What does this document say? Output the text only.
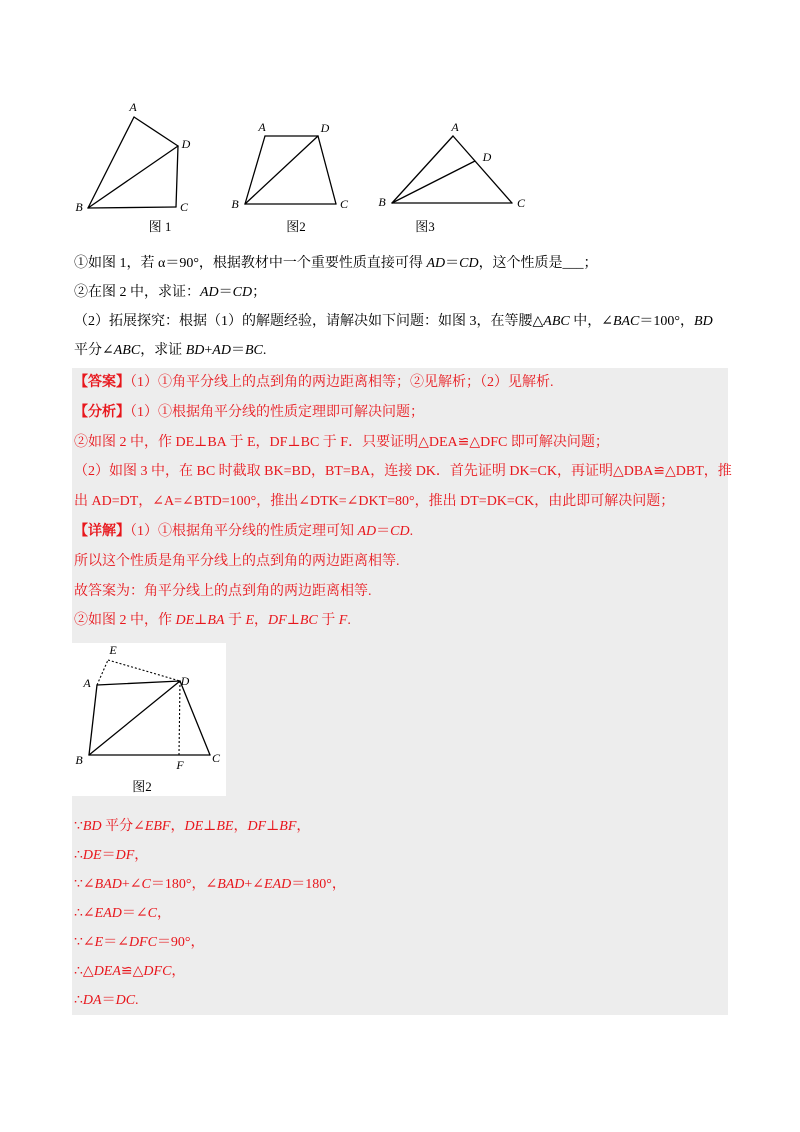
A
D
B	C
图 1
A	D
B	C
图2
A
D
B	C
图3
①如图 1，若 α＝90°，根据教材中一个重要性质直接可得 AD＝CD，这个性质是___；
②在图 2 中，求证：AD＝CD；
（2）拓展探究：根据（1）的解题经验，请解决如下问题：如图 3，在等腰△ABC 中，∠BAC＝100°，BD
平分∠ABC，求证 BD+AD＝BC.
【答案】（1）①角平分线上的点到角的两边距离相等；②见解析；（2）见解析.
【分析】（1）①根据角平分线的性质定理即可解决问题；
②如图 2 中，作 DE⊥BA 于 E，DF⊥BC 于 F．只要证明△DEA≌△DFC 即可解决问题；
（2）如图 3 中，在 BC 时截取 BK=BD，BT=BA，连接 DK．首先证明 DK=CK，再证明△DBA≌△DBT，推
出 AD=DT，∠A=∠BTD=100°，推出∠DTK=∠DKT=80°，推出 DT=DK=CK，由此即可解决问题；
【详解】（1）①根据角平分线的性质定理可知 AD＝CD.
所以这个性质是角平分线上的点到角的两边距离相等.
故答案为：角平分线上的点到角的两边距离相等.
②如图 2 中，作 DE⊥BA 于 E，DF⊥BC 于 F.
E
A	D
B	F C
图2
∵BD 平分∠EBF，DE⊥BE，DF⊥BF，
∴DE＝DF，
∵∠BAD+∠C＝180°，∠BAD+∠EAD＝180°，
∴∠EAD＝∠C，
∵∠E＝∠DFC＝90°，
∴△DEA≌△DFC，
∴DA＝DC.
